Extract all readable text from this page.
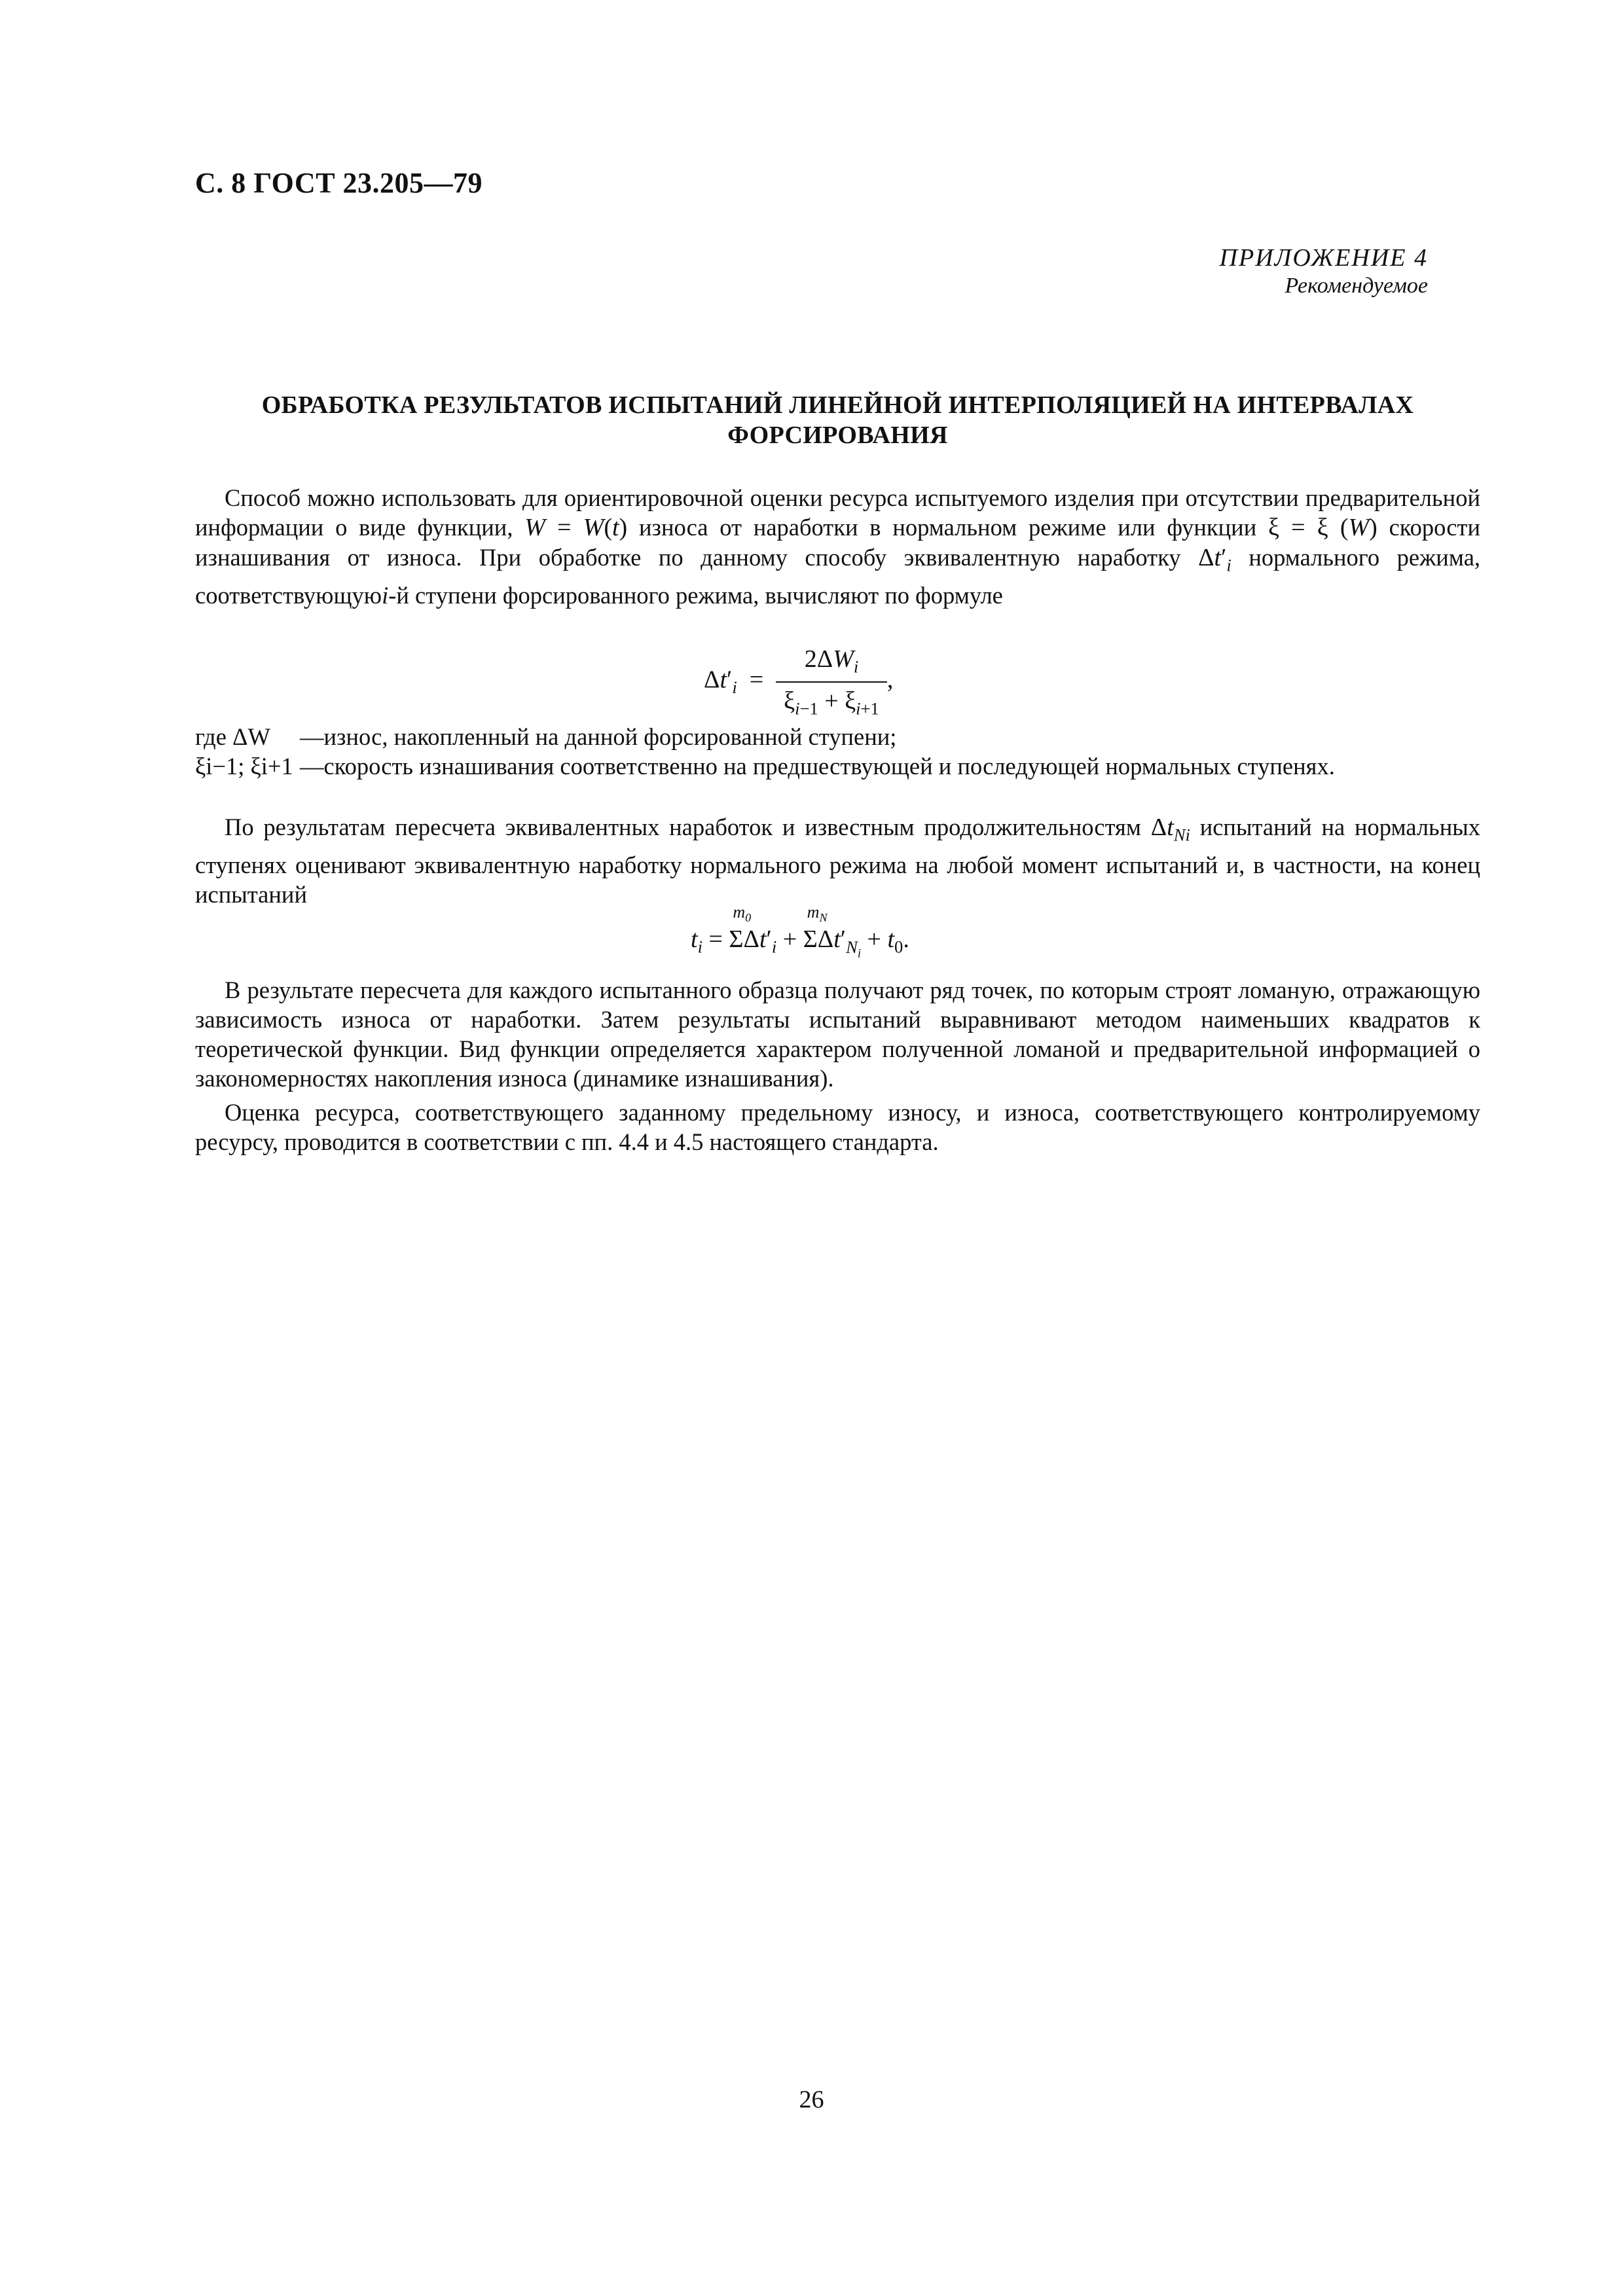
С. 8 ГОСТ 23.205—79
ПРИЛОЖЕНИЕ 4
Рекомендуемое
ОБРАБОТКА РЕЗУЛЬТАТОВ ИСПЫТАНИЙ ЛИНЕЙНОЙ ИНТЕРПОЛЯЦИЕЙ НА ИНТЕРВАЛАХ
ФОРСИРОВАНИЯ
Способ можно использовать для ориентировочной оценки ресурса испытуемого изделия при отсутствии предварительной информации о виде функции, W = W(t) износа от наработки в нормальном режиме или функции ξ = ξ (W) скорости изнашивания от износа. При обработке по данному способу эквивалентную наработку $\Delta t'_i$ нормального режима, соответствующуюi-й ступени форсированного режима, вычисляют по формуле
$\Delta t'_i = \frac{2\Delta W_i}{\xi_{i-1} + \xi_{i+1}}$ ,
где ΔW	— износ, накопленный на данной форсированной ступени;
ξi−1; ξi+1 — скорость изнашивания соответственно на предшествующей и последующей нормальных ступенях.
По результатам пересчета эквивалентных наработок и известным продолжительностям $\Delta t_{Ni}$ испытаний на нормальных ступенях оценивают эквивалентную наработку нормального режима на любой момент испытаний и, в частности, на конец испытаний
$t_i$ =
$m_0$
$\Sigma\Delta t'_i$ +
$m_N$
$\Sigma\Delta t'_{N_i} + t_0$.
В результате пересчета для каждого испытанного образца получают ряд точек, по которым строят ломаную, отражающую зависимость износа от наработки. Затем результаты испытаний выравнивают методом наименьших квадратов к теоретической функции. Вид функции определяется характером полученной ломаной и предварительной информацией о закономерностях накопления износа (динамике изнашивания).
Оценка ресурса, соответствующего заданному предельному износу, и износа, соответствующего контролируемому ресурсу, проводится в соответствии с пп. 4.4 и 4.5 настоящего стандарта.
26
